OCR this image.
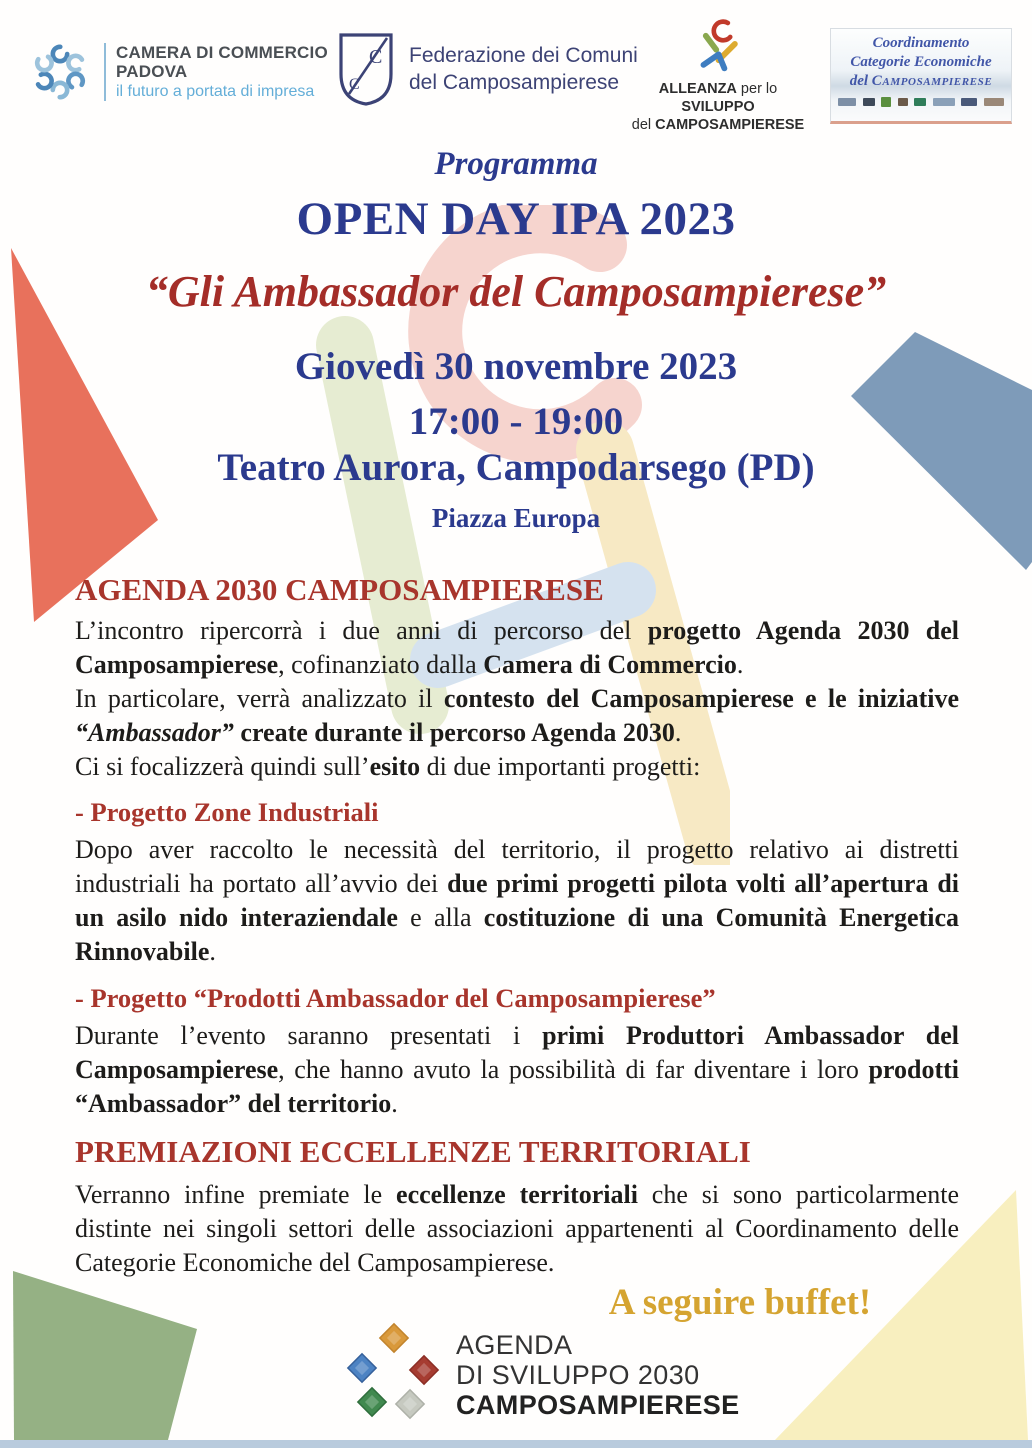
CAMERA DI COMMERCIO
PADOVA
il futuro a portata di impresa
C
C
Federazione dei Comuni
del Camposampierese	ALLEANZA per lo SVILUPPO
del CAMPOSAMPIERESE
Coordinamento
Categorie Economiche
del Camposampierese
Programma
OPEN DAY IPA 2023
“Gli Ambassador del Camposampierese”
Giovedì 30 novembre 2023
17:00 - 19:00
Teatro Aurora, Campodarsego (PD)
Piazza Europa
AGENDA 2030 CAMPOSAMPIERESE

L’incontro ripercorrà i due anni di percorso del progetto Agenda 2030 del Camposampierese, cofinanziato dalla Camera di Commercio.

In particolare, verrà analizzato il contesto del Camposampierese e le iniziative “Ambassador” create durante il percorso Agenda 2030.

Ci si focalizzerà quindi sull’esito di due importanti progetti:

- Progetto Zone Industriali

Dopo aver raccolto le necessità del territorio, il progetto relativo ai distretti industriali ha portato all’avvio dei due primi progetti pilota volti all’apertura di un asilo nido interaziendale e alla costituzione di una Comunità Energetica Rinnovabile.

- Progetto “Prodotti Ambassador del Camposampierese”

Durante l’evento saranno presentati i primi Produttori Ambassador del Camposampierese, che hanno avuto la possibilità di far diventare i loro prodotti “Ambassador” del territorio.

PREMIAZIONI ECCELLENZE TERRITORIALI

Verranno infine premiate le eccellenze territoriali che si sono particolarmente distinte nei singoli settori delle associazioni appartenenti al Coordinamento delle Categorie Economiche del Camposampierese.

A seguire buffet!
AGENDA
DI SVILUPPO 2030
CAMPOSAMPIERESE
